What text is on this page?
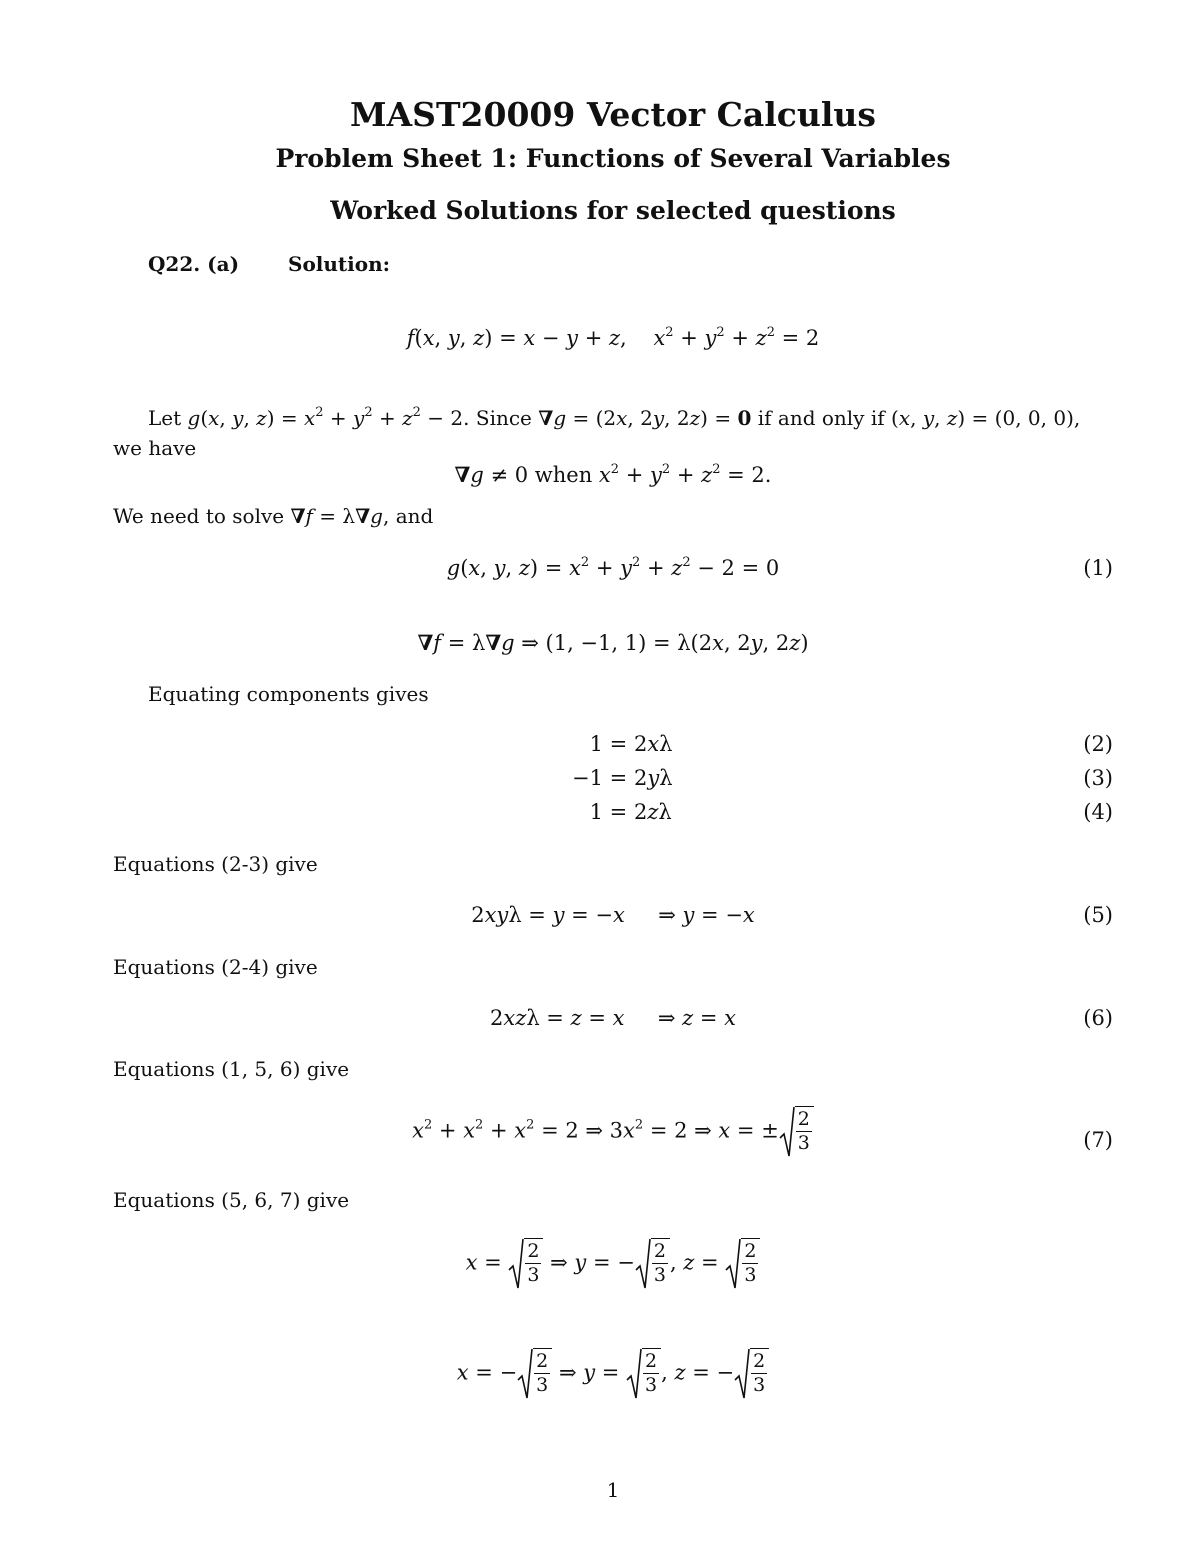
MAST20009 Vector Calculus
Problem Sheet 1: Functions of Several Variables
Worked Solutions for selected questions
Q22. (a) Solution:
f(x, y, z) = x − y + z,    $x^2 + y^2 + z^2 = 2$
Let g(x, y, $z) = x^2 + y^2 + z^2 - 2$. Since ∇g = (2x, 2y, 2z) = 0 if and only if (x, y, z) = (0, 0, 0),
we have
∇g ≠ 0 when $x^2 + y^2 + z^2 = 2$.
We need to solve ∇f = λ∇g, and
g(x, y, $z) = x^2 + y^2 + z^2 - 2 = 0$	(1)
∇f = λ∇g ⇒ (1, −1, 1) = λ(2x, 2y, 2z)
Equating components gives
1 = 2xλ	(2)
−1 = 2yλ	(3)
1 = 2zλ	(4)
Equations (2-3) give
2xyλ = y = −x     ⇒ y = −x	(5)
Equations (2-4) give
2xzλ = z = x     ⇒ z = x	(6)
Equations (1, 5, 6) give
$x^2 + x^2 + x^2 = 2$ ⇒ $3x^2 = 2$ ⇒ x = ± $\frac{2}{3}$	(7)
Equations (5, 6, 7) give
$x = \frac{2}{3}$ ⇒ y = − $\frac{2}{3}$ , $z = \frac{2}{3}$
x = − $\frac{2}{3}$ ⇒ $y = \frac{2}{3}$ , z = − $\frac{2}{3}$
1
